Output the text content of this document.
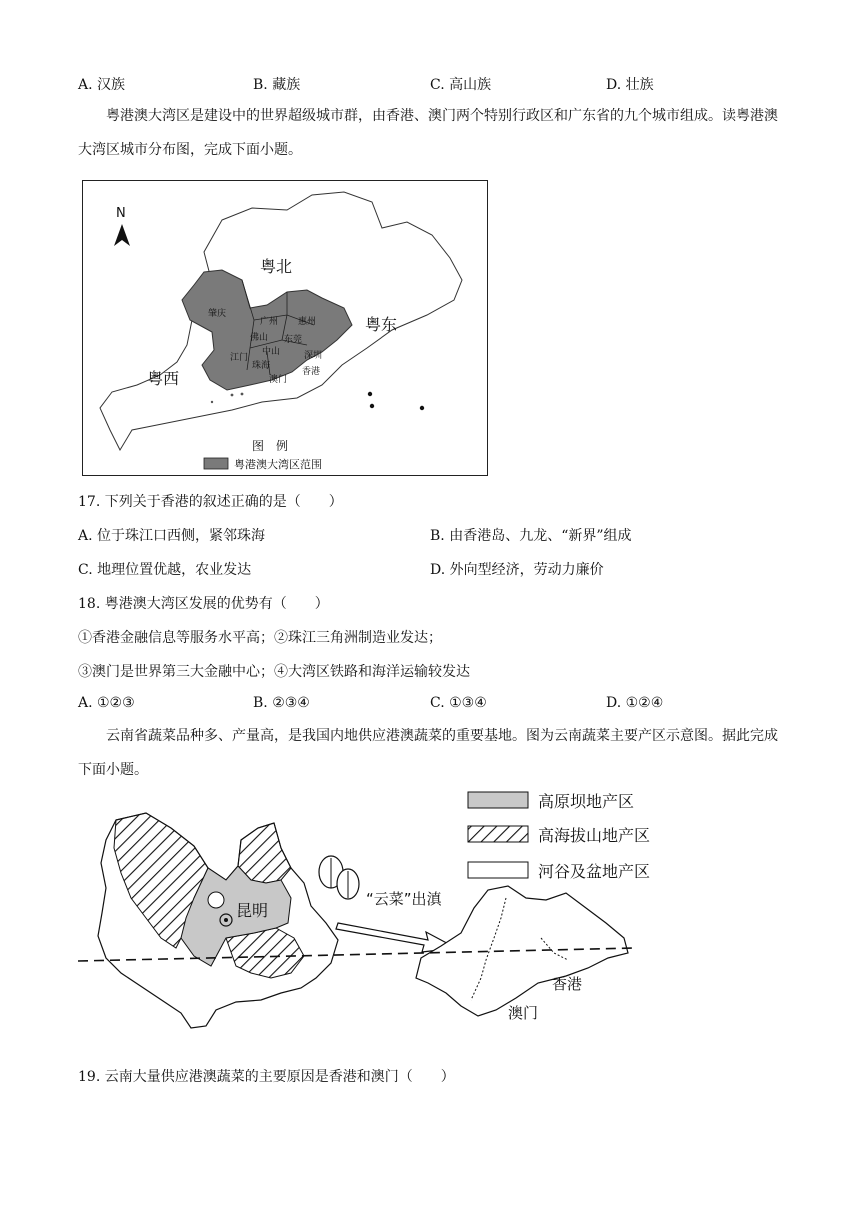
A. 汉族	B. 藏族	C. 高山族	D. 壮族
粤港澳大湾区是建设中的世界超级城市群，由香港、澳门两个特别行政区和广东省的九个城市组成。读粤港澳大湾区城市分布图，完成下面小题。
N
粤北
粤东
粤西
肇庆
广州 惠州
佛山 东莞
中山
江门	深圳
珠海
澳门
香港
图　例
粤港澳大湾区范围
17. 下列关于香港的叙述正确的是（　　）
A. 位于珠江口西侧，紧邻珠海	B. 由香港岛、九龙、“新界”组成
C. 地理位置优越，农业发达	D. 外向型经济，劳动力廉价
18. 粤港澳大湾区发展的优势有（　　）
①香港金融信息等服务水平高；②珠江三角洲制造业发达；
③澳门是世界第三大金融中心；④大湾区铁路和海洋运输较发达
A. ①②③	B. ②③④	C. ①③④	D. ①②④
云南省蔬菜品种多、产量高，是我国内地供应港澳蔬菜的重要基地。图为云南蔬菜主要产区示意图。据此完成下面小题。
高原坝地产区
高海拔山地产区
河谷及盆地产区
昆明
“云菜”出滇
香港
澳门
19. 云南大量供应港澳蔬菜的主要原因是香港和澳门（　　）
